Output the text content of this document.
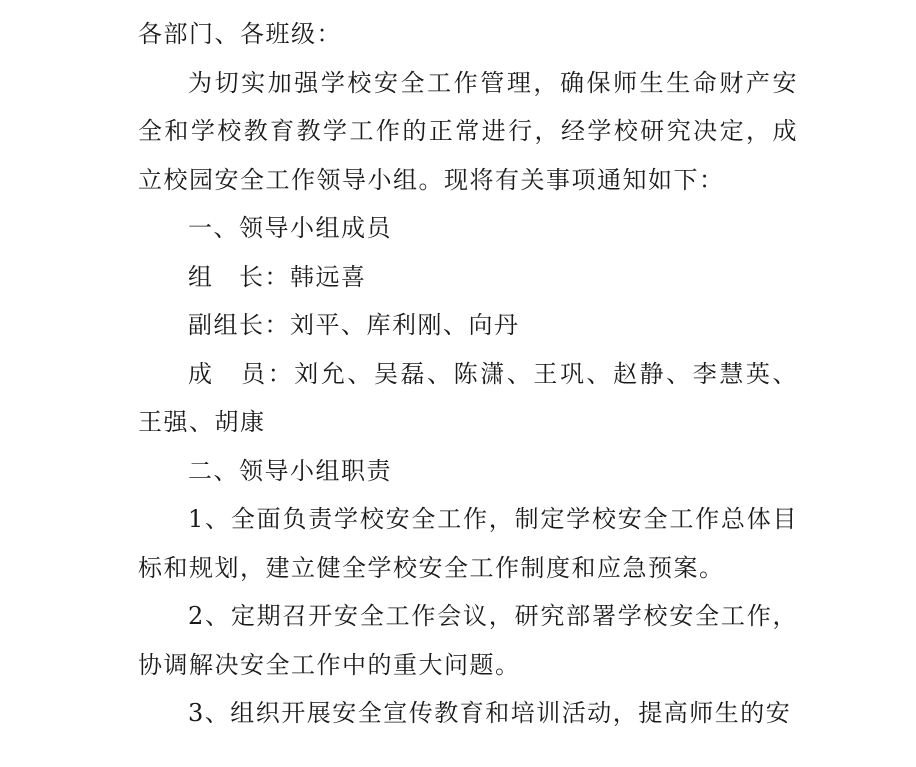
各部门、各班级：

为切实加强学校安全工作管理，确保师生生命财产安全和学校教育教学工作的正常进行，经学校研究决定，成立校园安全工作领导小组。现将有关事项通知如下：

一、领导小组成员

组　长：韩远喜

副组长：刘平、库利刚、向丹

成　员：刘允、吴磊、陈潇、王巩、赵静、李慧英、王强、胡康

二、领导小组职责

1、全面负责学校安全工作，制定学校安全工作总体目标和规划，建立健全学校安全工作制度和应急预案。

2、定期召开安全工作会议，研究部署学校安全工作，协调解决安全工作中的重大问题。

3、组织开展安全宣传教育和培训活动，提高师生的安
